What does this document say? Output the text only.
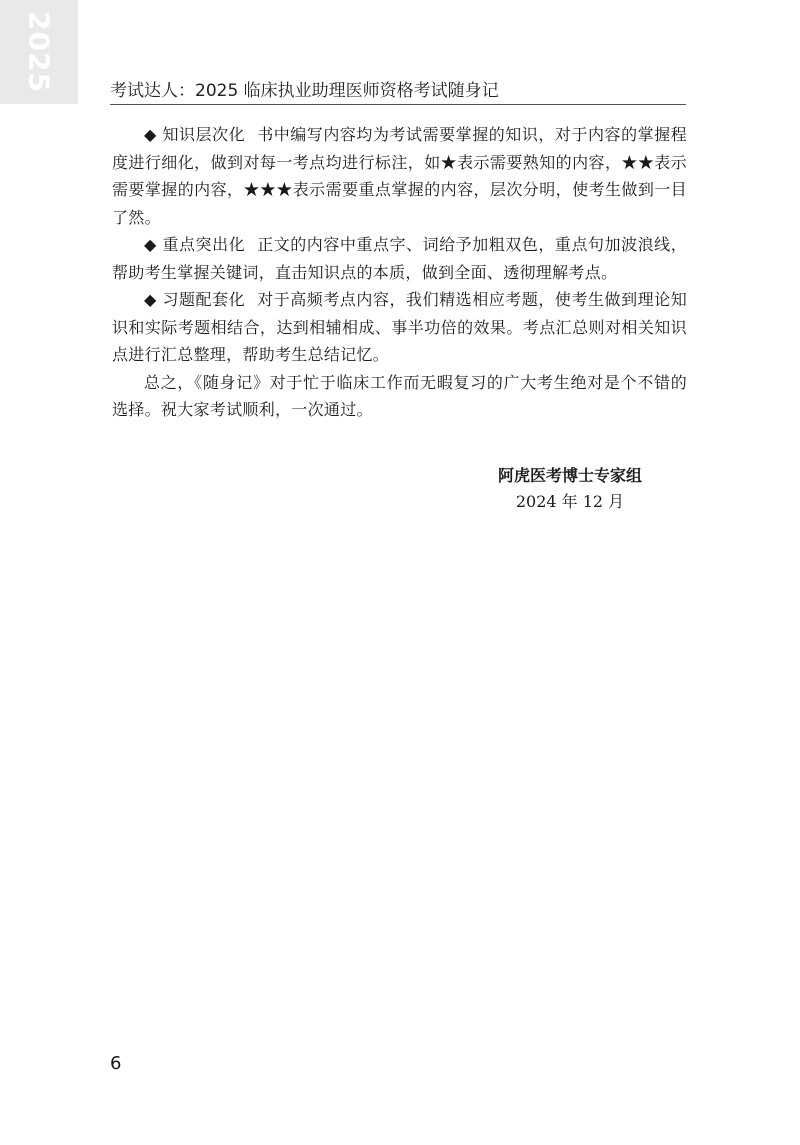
2025	考试达人：2025 临床执业助理医师资格考试随身记

◆ 知识层次化 书中编写内容均为考试需要掌握的知识，对于内容的掌握程度进行细化，做到对每一考点均进行标注，如★表示需要熟知的内容，★★表示需要掌握的内容，★★★表示需要重点掌握的内容，层次分明，使考生做到一目了然。

◆ 重点突出化 正文的内容中重点字、词给予加粗双色，重点句加波浪线，帮助考生掌握关键词，直击知识点的本质，做到全面、透彻理解考点。

◆ 习题配套化 对于高频考点内容，我们精选相应考题，使考生做到理论知识和实际考题相结合，达到相辅相成、事半功倍的效果。考点汇总则对相关知识点进行汇总整理，帮助考生总结记忆。

总之，《随身记》对于忙于临床工作而无暇复习的广大考生绝对是个不错的选择。祝大家考试顺利，一次通过。

阿虎医考博士专家组
2024 年 12 月
6
